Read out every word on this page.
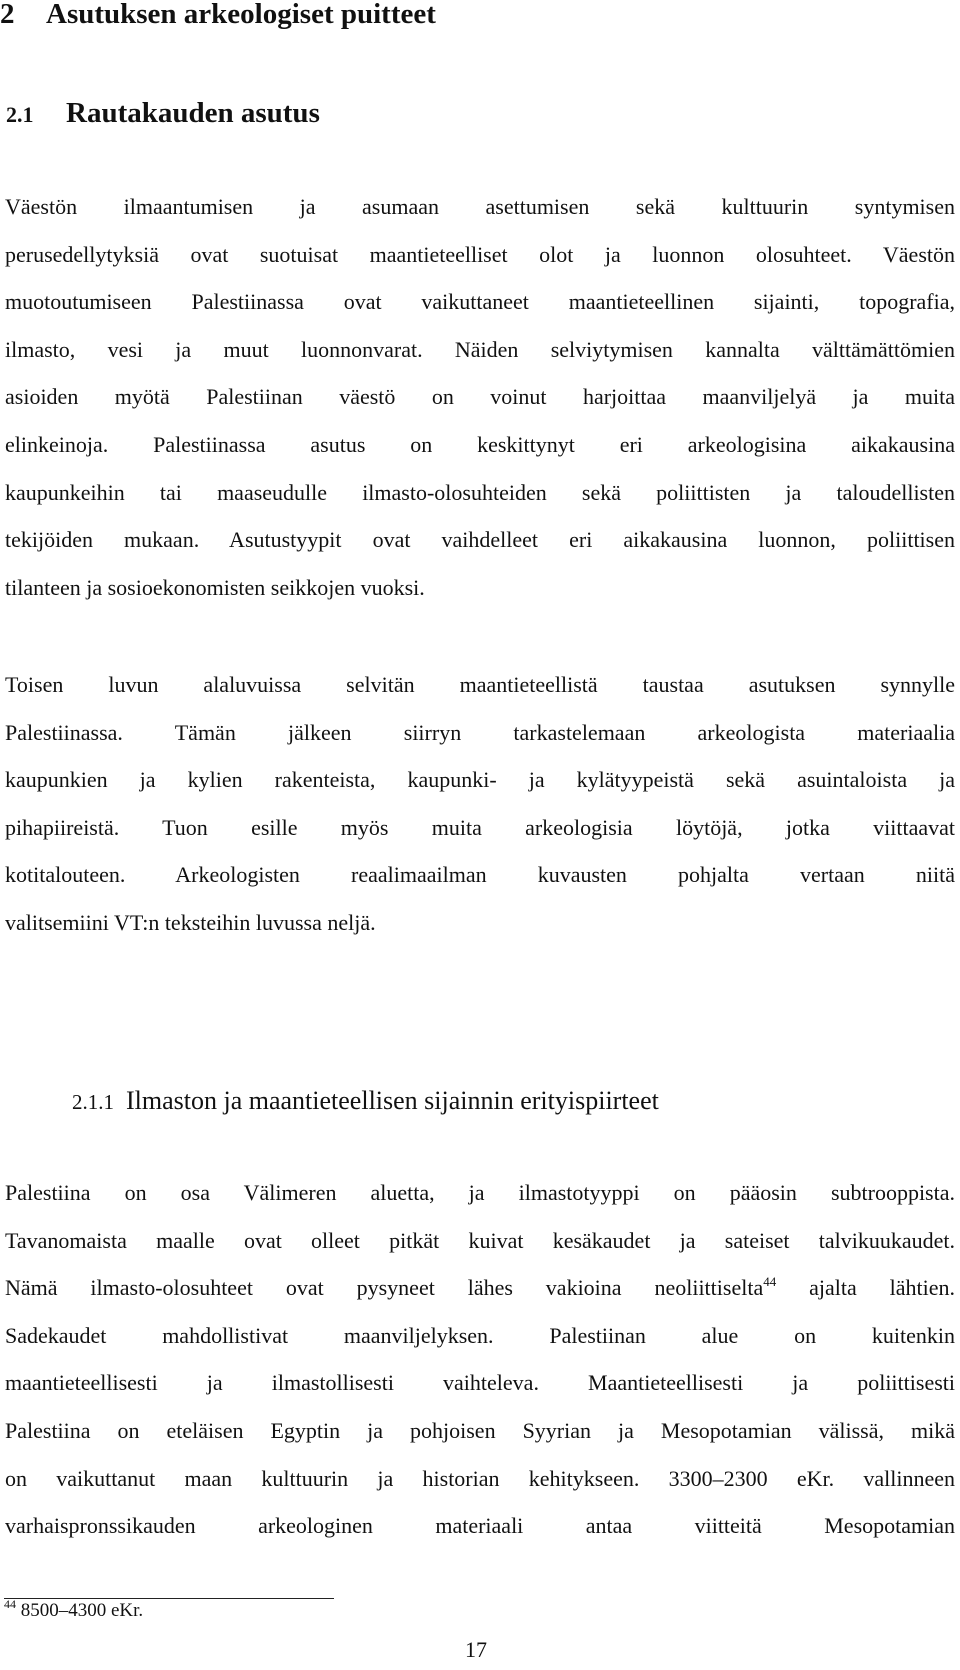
2 Asutuksen arkeologiset puitteet
2.1 Rautakauden asutus
Väestön ilmaantumisen ja asumaan asettumisen sekä kulttuurin syntymisen
perusedellytyksiä ovat suotuisat maantieteelliset olot ja luonnon olosuhteet. Väestön
muotoutumiseen Palestiinassa ovat vaikuttaneet maantieteellinen sijainti, topografia,
ilmasto, vesi ja muut luonnonvarat. Näiden selviytymisen kannalta välttämättömien
asioiden myötä Palestiinan väestö on voinut harjoittaa maanviljelyä ja muita
elinkeinoja. Palestiinassa asutus on keskittynyt eri arkeologisina aikakausina
kaupunkeihin tai maaseudulle ilmasto-olosuhteiden sekä poliittisten ja taloudellisten
tekijöiden mukaan. Asutustyypit ovat vaihdelleet eri aikakausina luonnon, poliittisen
tilanteen ja sosioekonomisten seikkojen vuoksi.
Toisen luvun alaluvuissa selvitän maantieteellistä taustaa asutuksen synnylle
Palestiinassa. Tämän jälkeen siirryn tarkastelemaan arkeologista materiaalia
kaupunkien ja kylien rakenteista, kaupunki- ja kylätyypeistä sekä asuintaloista ja
pihapiireistä. Tuon esille myös muita arkeologisia löytöjä, jotka viittaavat
kotitalouteen. Arkeologisten reaalimaailman kuvausten pohjalta vertaan niitä
valitsemiini VT:n teksteihin luvussa neljä.
2.1.1 Ilmaston ja maantieteellisen sijainnin erityispiirteet
Palestiina on osa Välimeren aluetta, ja ilmastotyyppi on pääosin subtrooppista.
Tavanomaista maalle ovat olleet pitkät kuivat kesäkaudet ja sateiset talvikuukaudet.
Nämä ilmasto-olosuhteet ovat pysyneet lähes vakioina neoliittiselta$^{44}$ ajalta lähtien.
Sadekaudet mahdollistivat maanviljelyksen. Palestiinan alue on kuitenkin
maantieteellisesti ja ilmastollisesti vaihteleva. Maantieteellisesti ja poliittisesti
Palestiina on eteläisen Egyptin ja pohjoisen Syyrian ja Mesopotamian välissä, mikä
on vaikuttanut maan kulttuurin ja historian kehitykseen. 3300–2300 eKr. vallinneen
varhaispronssikauden arkeologinen materiaali antaa viitteitä Mesopotamian
$^{44}$ 8500–4300 eKr.
17
